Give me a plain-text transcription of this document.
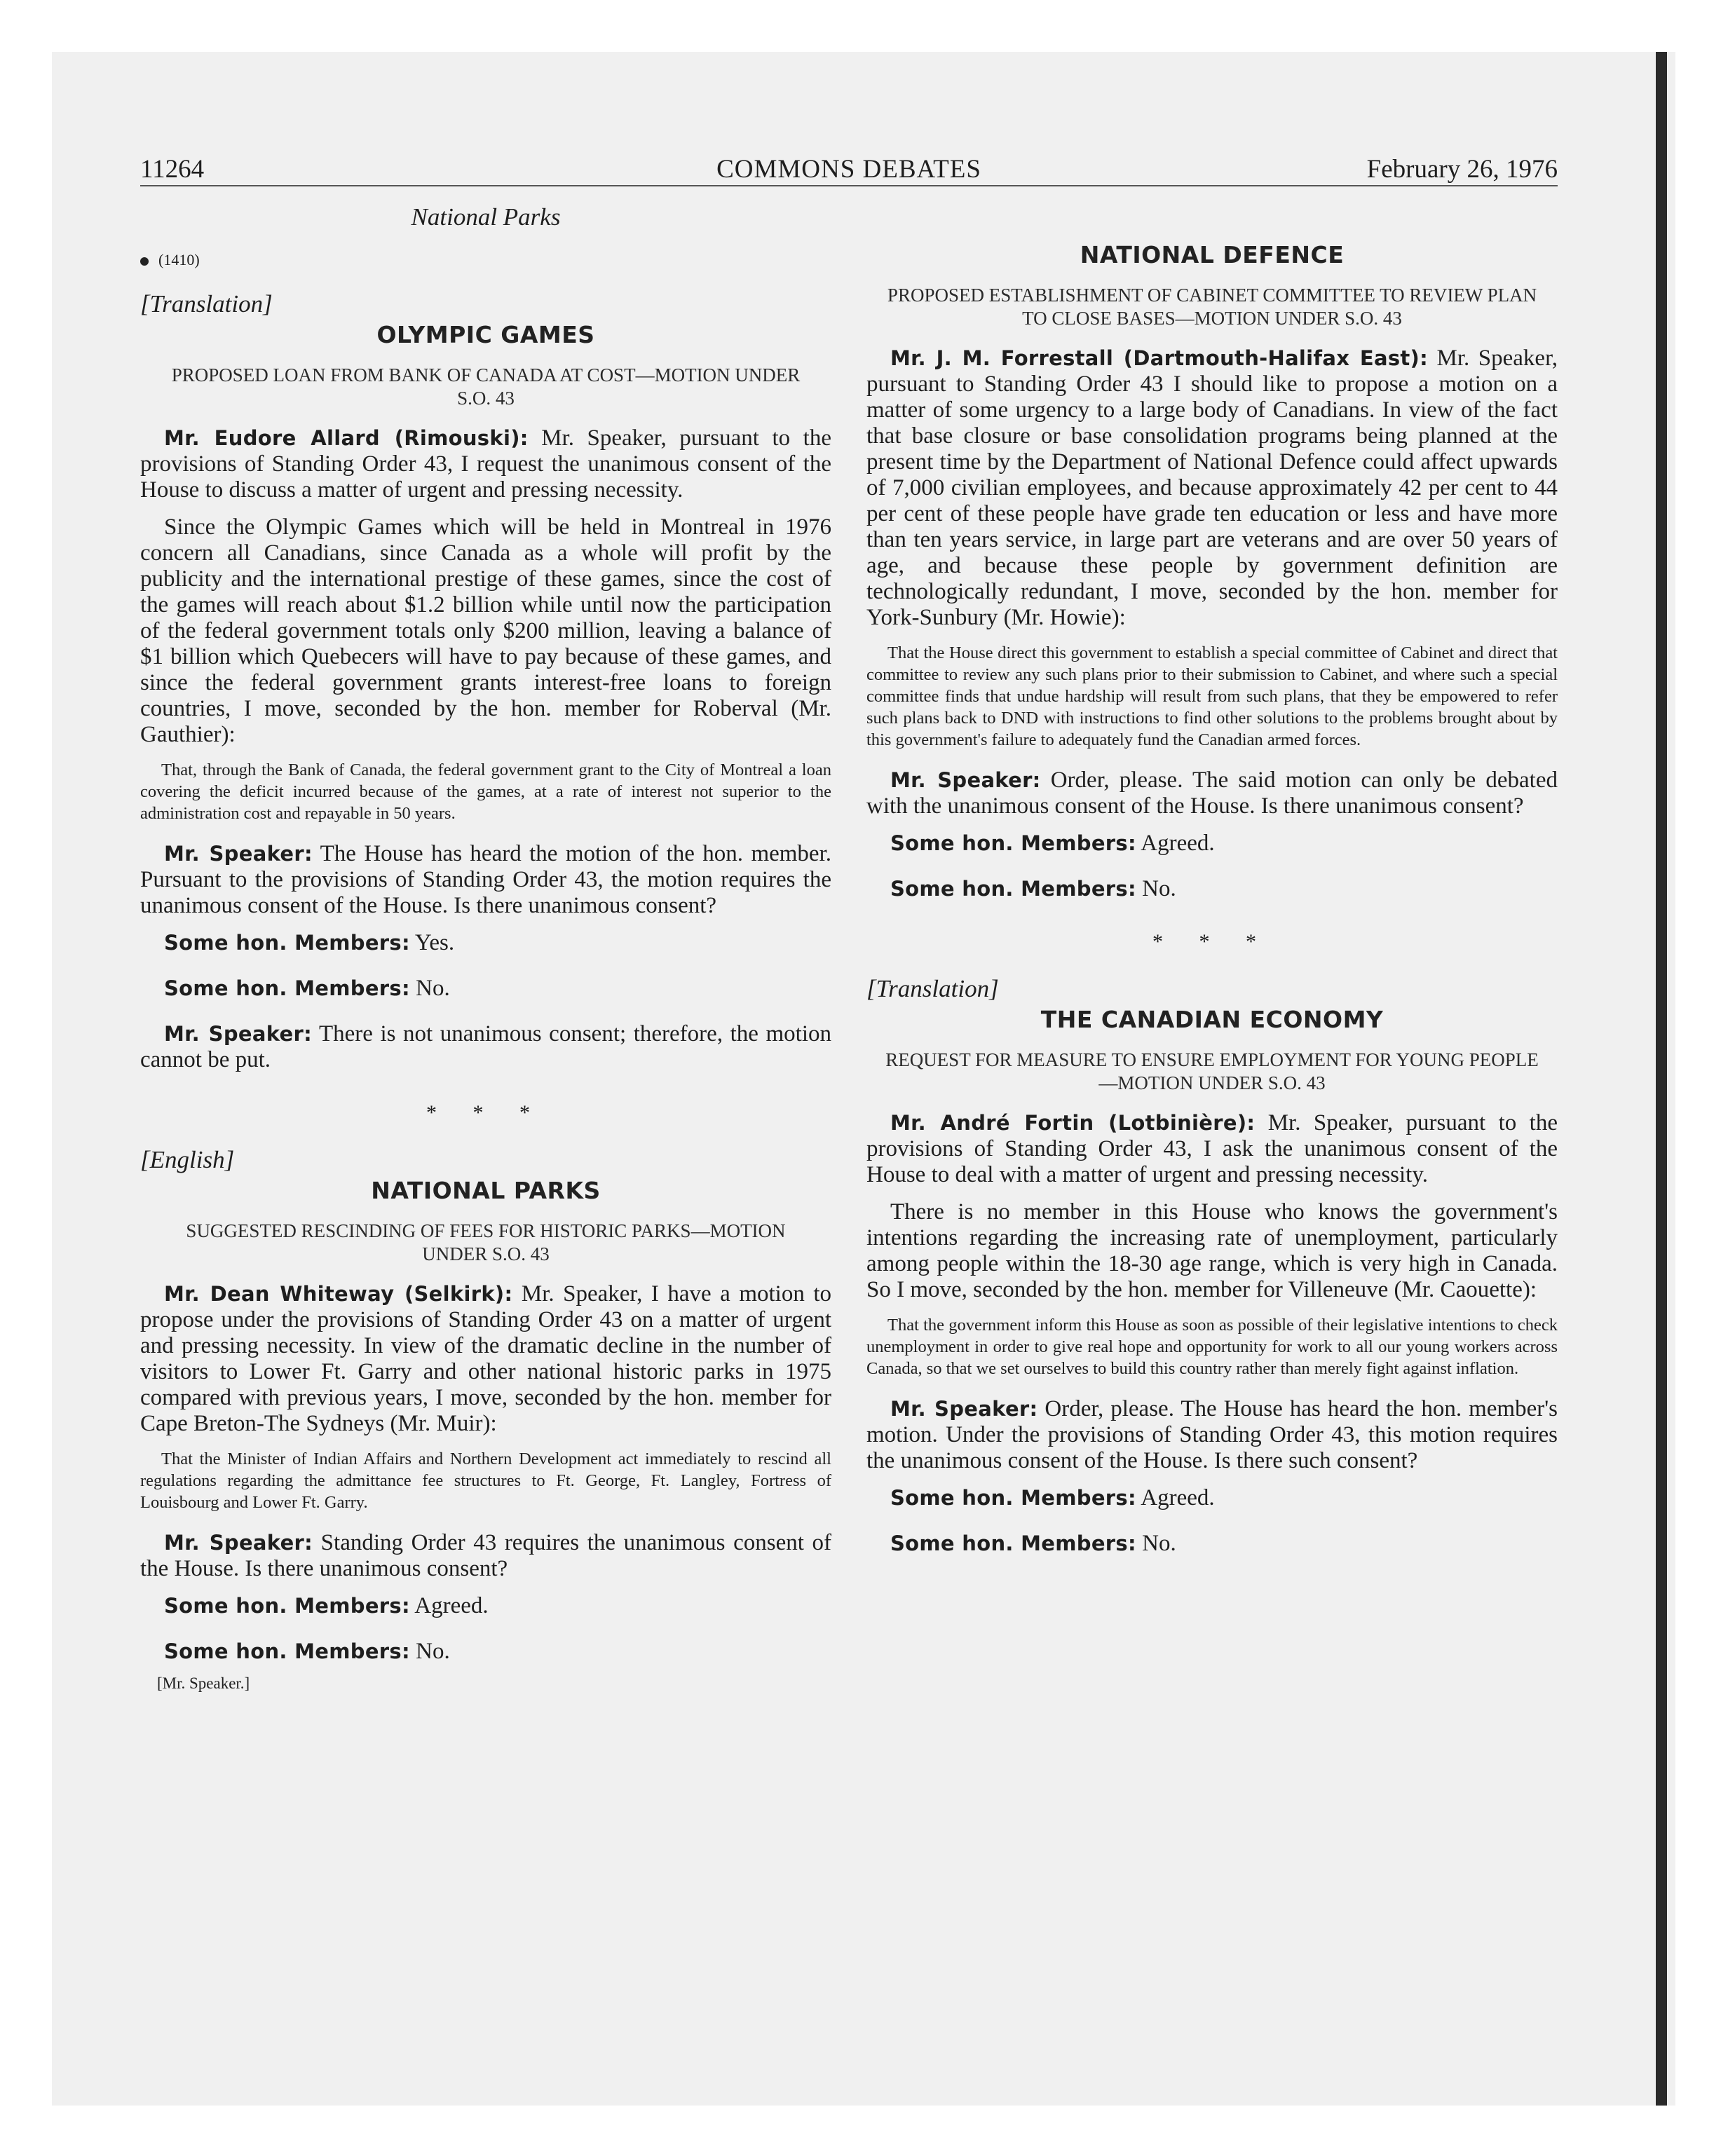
11264	COMMONS DEBATES	February 26, 1976
National Parks
(1410)
[Translation]
OLYMPIC GAMES
PROPOSED LOAN FROM BANK OF CANADA AT COST—MOTION UNDER S.O. 43

Mr. Eudore Allard (Rimouski): Mr. Speaker, pursuant to the provisions of Standing Order 43, I request the unanimous consent of the House to discuss a matter of urgent and pressing necessity.

Since the Olympic Games which will be held in Montreal in 1976 concern all Canadians, since Canada as a whole will profit by the publicity and the international prestige of these games, since the cost of the games will reach about $1.2 billion while until now the participation of the federal government totals only $200 million, leaving a balance of $1 billion which Quebecers will have to pay because of these games, and since the federal government grants interest-free loans to foreign countries, I move, seconded by the hon. member for Roberval (Mr. Gauthier):

That, through the Bank of Canada, the federal government grant to the City of Montreal a loan covering the deficit incurred because of the games, at a rate of interest not superior to the administration cost and repayable in 50 years.

Mr. Speaker: The House has heard the motion of the hon. member. Pursuant to the provisions of Standing Order 43, the motion requires the unanimous consent of the House. Is there unanimous consent?

Some hon. Members: Yes.

Some hon. Members: No.

Mr. Speaker: There is not unanimous consent; therefore, the motion cannot be put.

* * *
[English]
NATIONAL PARKS
SUGGESTED RESCINDING OF FEES FOR HISTORIC PARKS—MOTION UNDER S.O. 43

Mr. Dean Whiteway (Selkirk): Mr. Speaker, I have a motion to propose under the provisions of Standing Order 43 on a matter of urgent and pressing necessity. In view of the dramatic decline in the number of visitors to Lower Ft. Garry and other national historic parks in 1975 compared with previous years, I move, seconded by the hon. member for Cape Breton-The Sydneys (Mr. Muir):

That the Minister of Indian Affairs and Northern Development act immediately to rescind all regulations regarding the admittance fee structures to Ft. George, Ft. Langley, Fortress of Louisbourg and Lower Ft. Garry.

Mr. Speaker: Standing Order 43 requires the unanimous consent of the House. Is there unanimous consent?

Some hon. Members: Agreed.

Some hon. Members: No.

[Mr. Speaker.]

NATIONAL DEFENCE
PROPOSED ESTABLISHMENT OF CABINET COMMITTEE TO REVIEW PLAN TO CLOSE BASES—MOTION UNDER S.O. 43

Mr. J. M. Forrestall (Dartmouth-Halifax East): Mr. Speaker, pursuant to Standing Order 43 I should like to propose a motion on a matter of some urgency to a large body of Canadians. In view of the fact that base closure or base consolidation programs being planned at the present time by the Department of National Defence could affect upwards of 7,000 civilian employees, and because approximately 42 per cent to 44 per cent of these people have grade ten education or less and have more than ten years service, in large part are veterans and are over 50 years of age, and because these people by government definition are technologically redundant, I move, seconded by the hon. member for York-Sunbury (Mr. Howie):

That the House direct this government to establish a special committee of Cabinet and direct that committee to review any such plans prior to their submission to Cabinet, and where such a special committee finds that undue hardship will result from such plans, that they be empowered to refer such plans back to DND with instructions to find other solutions to the problems brought about by this government's failure to adequately fund the Canadian armed forces.

Mr. Speaker: Order, please. The said motion can only be debated with the unanimous consent of the House. Is there unanimous consent?

Some hon. Members: Agreed.

Some hon. Members: No.

* * *
[Translation]
THE CANADIAN ECONOMY
REQUEST FOR MEASURE TO ENSURE EMPLOYMENT FOR YOUNG PEOPLE—MOTION UNDER S.O. 43

Mr. André Fortin (Lotbinière): Mr. Speaker, pursuant to the provisions of Standing Order 43, I ask the unanimous consent of the House to deal with a matter of urgent and pressing necessity.

There is no member in this House who knows the government's intentions regarding the increasing rate of unemployment, particularly among people within the 18-30 age range, which is very high in Canada. So I move, seconded by the hon. member for Villeneuve (Mr. Caouette):

That the government inform this House as soon as possible of their legislative intentions to check unemployment in order to give real hope and opportunity for work to all our young workers across Canada, so that we set ourselves to build this country rather than merely fight against inflation.

Mr. Speaker: Order, please. The House has heard the hon. member's motion. Under the provisions of Standing Order 43, this motion requires the unanimous consent of the House. Is there such consent?

Some hon. Members: Agreed.

Some hon. Members: No.
